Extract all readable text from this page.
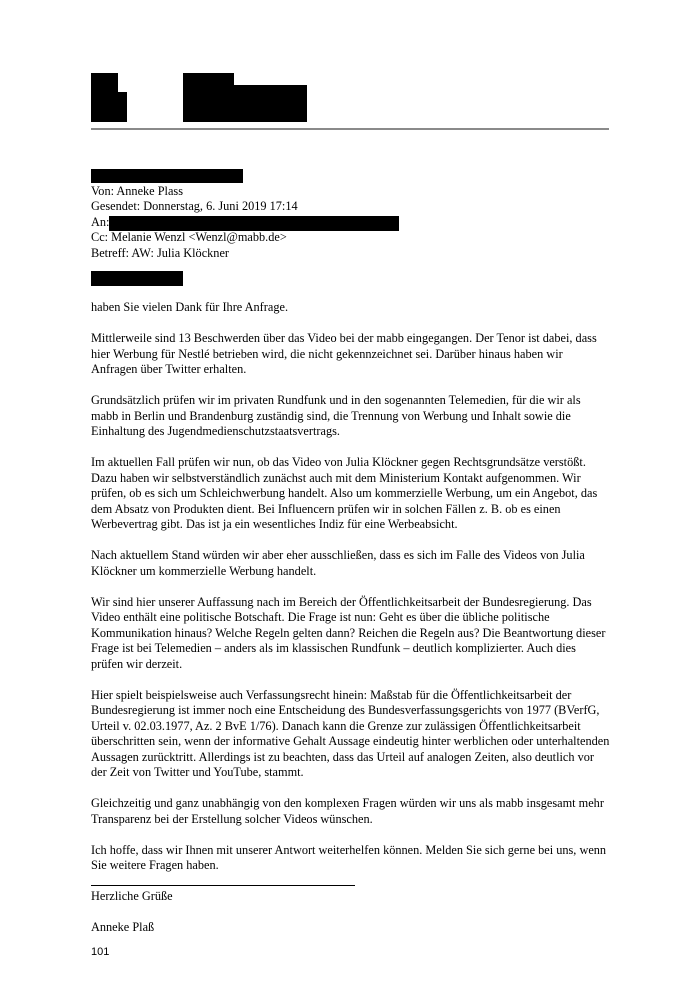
Von: Anneke Plass
Gesendet: Donnerstag, 6. Juni 2019 17:14
An:
Cc: Melanie Wenzl <Wenzl@mabb.de>
Betreff: AW: Julia Klöckner

haben Sie vielen Dank für Ihre Anfrage.

Mittlerweile sind 13 Beschwerden über das Video bei der mabb eingegangen. Der Tenor ist dabei, dass hier Werbung für Nestlé betrieben wird, die nicht gekennzeichnet sei. Darüber hinaus haben wir Anfragen über Twitter erhalten.

Grundsätzlich prüfen wir im privaten Rundfunk und in den sogenannten Telemedien, für die wir als mabb in Berlin und Brandenburg zuständig sind, die Trennung von Werbung und Inhalt sowie die Einhaltung des Jugendmedienschutzstaatsvertrags.

Im aktuellen Fall prüfen wir nun, ob das Video von Julia Klöckner gegen Rechtsgrundsätze verstößt. Dazu haben wir selbstverständlich zunächst auch mit dem Ministerium Kontakt aufgenommen. Wir prüfen, ob es sich um Schleichwerbung handelt. Also um kommerzielle Werbung, um ein Angebot, das dem Absatz von Produkten dient. Bei Influencern prüfen wir in solchen Fällen z. B. ob es einen Werbevertrag gibt. Das ist ja ein wesentliches Indiz für eine Werbeabsicht.

Nach aktuellem Stand würden wir aber eher ausschließen, dass es sich im Falle des Videos von Julia Klöckner um kommerzielle Werbung handelt.

Wir sind hier unserer Auffassung nach im Bereich der Öffentlichkeitsarbeit der Bundesregierung. Das Video enthält eine politische Botschaft. Die Frage ist nun: Geht es über die übliche politische Kommunikation hinaus? Welche Regeln gelten dann? Reichen die Regeln aus? Die Beantwortung dieser Frage ist bei Telemedien – anders als im klassischen Rundfunk – deutlich komplizierter. Auch dies prüfen wir derzeit.

Hier spielt beispielsweise auch Verfassungsrecht hinein: Maßstab für die Öffentlichkeitsarbeit der Bundesregierung ist immer noch eine Entscheidung des Bundesverfassungsgerichts von 1977 (BVerfG, Urteil v. 02.03.1977, Az. 2 BvE 1/76). Danach kann die Grenze zur zulässigen Öffentlichkeitsarbeit überschritten sein, wenn der informative Gehalt Aussage eindeutig hinter werblichen oder unterhaltenden Aussagen zurücktritt. Allerdings ist zu beachten, dass das Urteil auf analogen Zeiten, also deutlich vor der Zeit von Twitter und YouTube, stammt.

Gleichzeitig und ganz unabhängig von den komplexen Fragen würden wir uns als mabb insgesamt mehr Transparenz bei der Erstellung solcher Videos wünschen.

Ich hoffe, dass wir Ihnen mit unserer Antwort weiterhelfen können. Melden Sie sich gerne bei uns, wenn Sie weitere Fragen haben.

Herzliche Grüße

Anneke Plaß

101
